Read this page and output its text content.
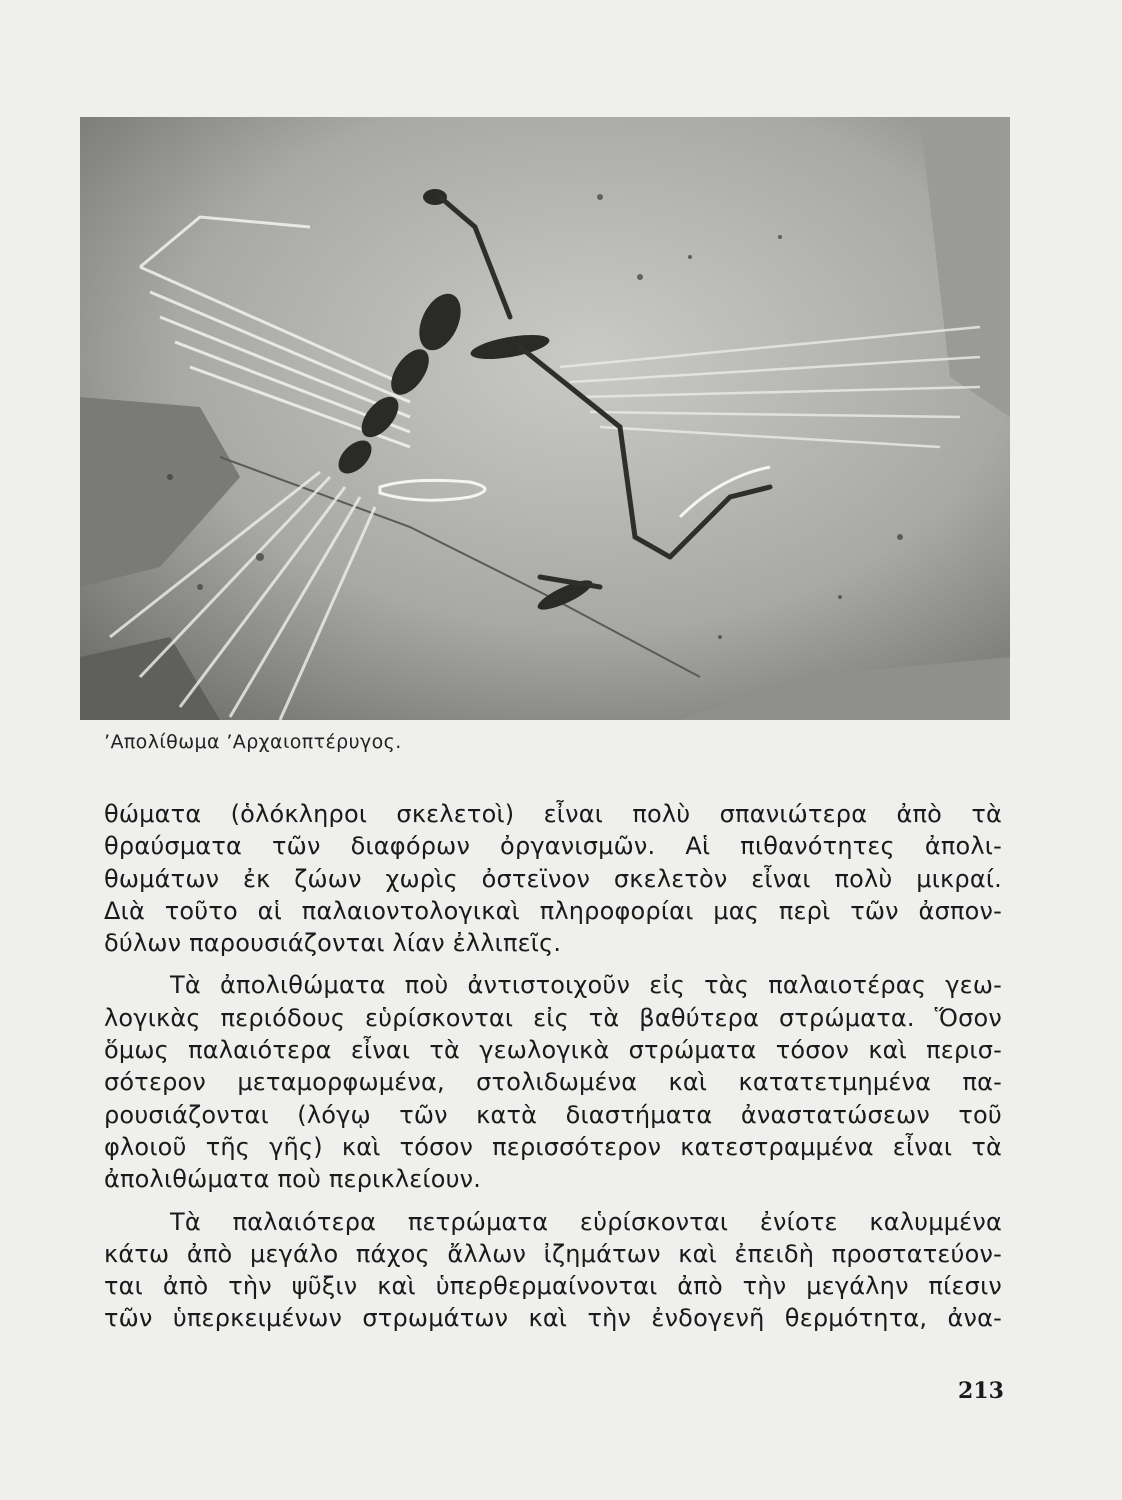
’Απολίθωμα ’Αρχαιοπτέρυγος.
θώματα (ὁλόκληροι σκελετοὶ) εἶναι πολὺ σπανιώτερα ἀπὸ τὰ
θραύσματα τῶν διαφόρων ὀργανισμῶν. Αἱ πιθανότητες ἀπολι-
θωμάτων ἐκ ζώων χωρὶς ὀστεϊνον σκελετὸν εἶναι πολὺ μικραί.
Διὰ τοῦτο αἱ παλαιοντολογικαὶ πληροφορίαι μας περὶ τῶν ἀσπον-
δύλων παρουσιάζονται λίαν ἐλλιπεῖς.
Τὰ ἀπολιθώματα ποὺ ἀντιστοιχοῦν εἰς τὰς παλαιοτέρας γεω-
λογικὰς περιόδους εὑρίσκονται εἰς τὰ βαθύτερα στρώματα. Ὅσον
ὅμως παλαιότερα εἶναι τὰ γεωλογικὰ στρώματα τόσον καὶ περισ-
σότερον μεταμορφωμένα, στολιδωμένα καὶ κατατετμημένα πα-
ρουσιάζονται (λόγῳ τῶν κατὰ διαστήματα ἀναστατώσεων τοῦ
φλοιοῦ τῆς γῆς) καὶ τόσον περισσότερον κατεστραμμένα εἶναι τὰ
ἀπολιθώματα ποὺ περικλείουν.
Τὰ παλαιότερα πετρώματα εὑρίσκονται ἐνίοτε καλυμμένα
κάτω ἀπὸ μεγάλο πάχος ἄλλων ἰζημάτων καὶ ἐπειδὴ προστατεύον-
ται ἀπὸ τὴν ψῦξιν καὶ ὑπερθερμαίνονται ἀπὸ τὴν μεγάλην πίεσιν
τῶν ὑπερκειμένων στρωμάτων καὶ τὴν ἐνδογενῆ θερμότητα, ἀνα-
213
